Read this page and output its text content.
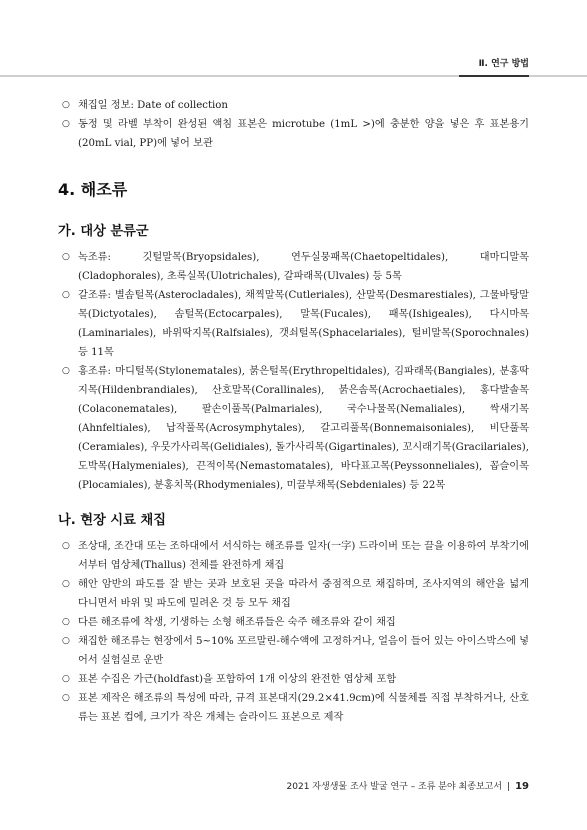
Ⅱ. 연구 방법

○ 채집일 정보: Date of collection

○ 동정 및 라벨 부착이 완성된 액침 표본은 microtube (1mL >)에 충분한 양을 넣은 후 표본용기(20mL vial, PP)에 넣어 보관

4. 해조류
가. 대상 분류군

○ 녹조류: 깃털말목(Bryopsidales), 연두실뭉패목(Chaetopeltidales), 대마디말목(Cladophorales), 초록실목(Ulotrichales), 갈파래목(Ulvales) 등 5목

○ 갈조류: 별솜털목(Asterocladales), 채찍말목(Cutleriales), 산말목(Desmarestiales), 그물바탕말목(Dictyotales), 솜털목(Ectocarpales), 말목(Fucales), 패목(Ishigeales), 다시마목(Laminariales), 바위딱지목(Ralfsiales), 갯쇠털목(Sphacelariales), 털비말목(Sporochnales) 등 11목

○ 홍조류: 마디털목(Stylonematales), 붉은털목(Erythropeltidales), 김파래목(Bangiales), 분홍딱지목(Hildenbrandiales), 산호말목(Corallinales), 붉은솜목(Acrochaetiales), 홍다발솔목(Colaconematales), 팔손이풀목(Palmariales), 국수나물목(Nemaliales), 싹새기목(Ahnfeltiales), 납작풀목(Acrosymphytales), 갈고리풀목(Bonnemaisoniales), 비단풀목(Ceramiales), 우뭇가사리목(Gelidiales), 돌가사리목(Gigartinales), 꼬시래기목(Gracilariales), 도박목(Halymeniales), 끈적이목(Nemastomatales), 바다표고목(Peyssonneliales), 꼽슬이목(Plocamiales), 분홍치목(Rhodymeniales), 미끌부채목(Sebdeniales) 등 22목

나. 현장 시료 채집

○ 조상대, 조간대 또는 조하대에서 서식하는 해조류를 일자(一字) 드라이버 또는 끌을 이용하여 부착기에서부터 엽상체(Thallus) 전체를 완전하게 채집

○ 해안 암반의 파도를 잘 받는 곳과 보호된 곳을 따라서 중점적으로 채집하며, 조사지역의 해안을 넓게 다니면서 바위 및 파도에 밀려온 것 등 모두 채집

○ 다른 해조류에 착생, 기생하는 소형 해조류들은 숙주 해조류와 같이 채집

○ 채집한 해조류는 현장에서 5~10% 포르말린-해수액에 고정하거나, 얼음이 들어 있는 아이스박스에 넣어서 실험실로 운반

○ 표본 수집은 가근(holdfast)을 포함하여 1개 이상의 완전한 엽상체 포함

○ 표본 제작은 해조류의 특성에 따라, 규격 표본대지(29.2×41.9cm)에 식물체를 직접 부착하거나, 산호류는 표본 컵에, 크기가 작은 개체는 슬라이드 표본으로 제작

2021 자생생물 조사 발굴 연구 – 조류 분야 최종보고서 | 19
